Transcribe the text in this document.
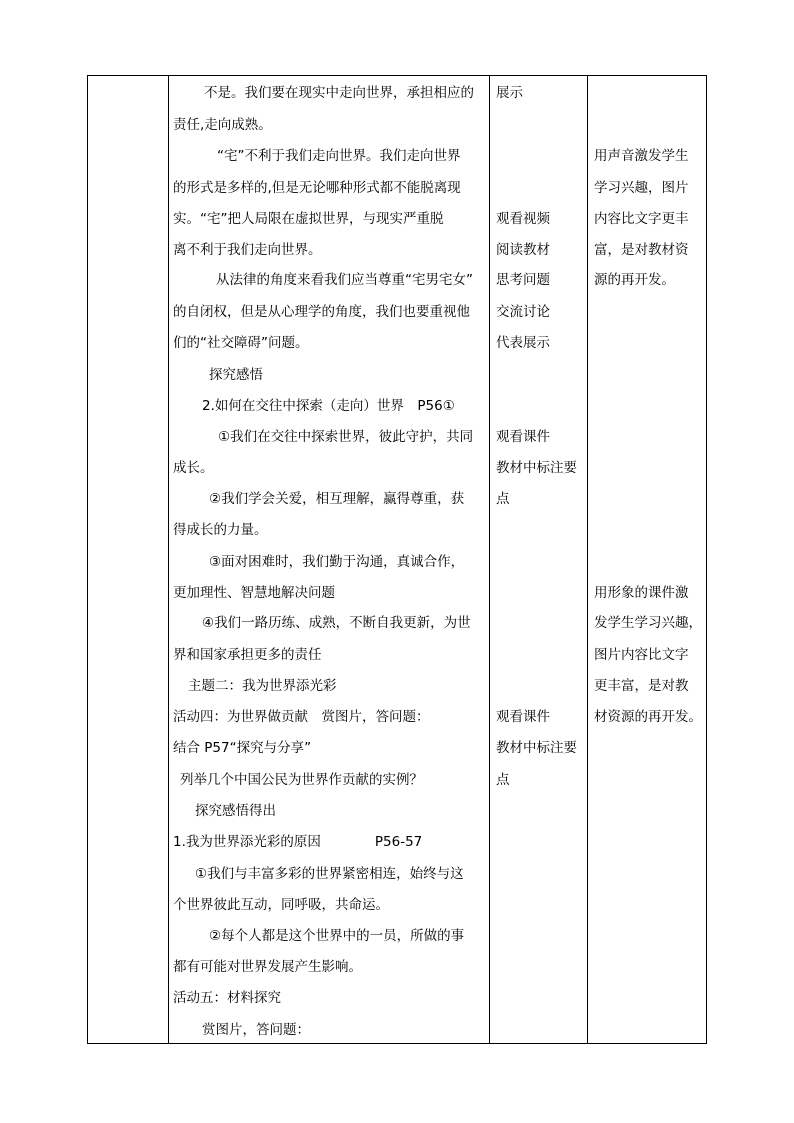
不是。我们要在现实中走向世界，承担相应的
责任,走向成熟。
“宅”不利于我们走向世界。我们走向世界
的形式是多样的,但是无论哪种形式都不能脱离现
实。“宅”把人局限在虚拟世界，与现实严重脱
离不利于我们走向世界。
从法律的角度来看我们应当尊重“宅男宅女”
的自闭权，但是从心理学的角度，我们也要重视他
们的“社交障碍”问题。
探究感悟
2.如何在交往中探索（走向）世界　P56①
①我们在交往中探索世界，彼此守护，共同
成长。
②我们学会关爱，相互理解，赢得尊重，获
得成长的力量。
③面对困难时，我们勤于沟通，真诚合作，
更加理性、智慧地解决问题
④我们一路历练、成熟，不断自我更新，为世
界和国家承担更多的责任
主题二：我为世界添光彩
活动四：为世界做贡献　赏图片，答问题：
结合 P57“探究与分享”
列举几个中国公民为世界作贡献的实例？
探究感悟得出
1.我为世界添光彩的原因　　　　P56-57
①我们与丰富多彩的世界紧密相连，始终与这
个世界彼此互动，同呼吸，共命运。
②每个人都是这个世界中的一员，所做的事
都有可能对世界发展产生影响。
活动五：材料探究
赏图片，答问题：
展示
观看视频
阅读教材
思考问题
交流讨论
代表展示
观看课件
教材中标注要
点
观看课件
教材中标注要
点
用声音激发学生
学习兴趣，图片
内容比文字更丰
富，是对教材资
源的再开发。
用形象的课件激
发学生学习兴趣，
图片内容比文字
更丰富，是对教
材资源的再开发。
